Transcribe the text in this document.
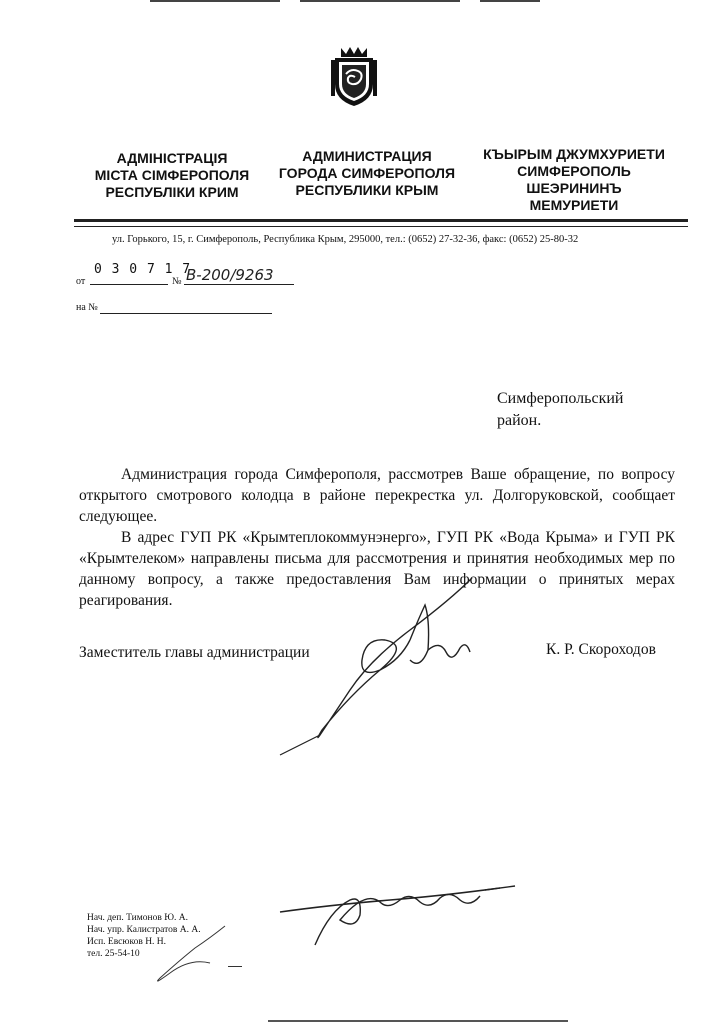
АДМІНІСТРАЦІЯ
МІСТА СІМФЕРОПОЛЯ
РЕСПУБЛІКИ КРИМ
АДМИНИСТРАЦИЯ
ГОРОДА СИМФЕРОПОЛЯ
РЕСПУБЛИКИ КРЫМ
КЪЫРЫМ ДЖУМХУРИЕТИ
СИМФЕРОПОЛЬ
ШЕЭРИНИНЪ
МЕМУРИЕТИ
ул. Горького, 15, г. Симферополь, Республика Крым, 295000, тел.: (0652) 27-32-36, факс: (0652) 25-80-32
от
0 3 0 7 1 7
№ В-200/9263
на №
Симферопольский
район.
Администрация города Симферополя, рассмотрев Ваше обращение, по вопросу открытого смотрового колодца в районе перекрестка ул. Долгоруковской, сообщает следующее.
В адрес ГУП РК «Крымтеплокоммунэнерго», ГУП РК «Вода Крыма» и ГУП РК «Крымтелеком» направлены письма для рассмотрения и принятия необходимых мер по данному вопросу, а также предоставления Вам информации о принятых мерах реагирования.
Заместитель главы администрации	К. Р. Скороходов
Нач. деп. Тимонов Ю. А.
Нач. упр. Калистратов А. А.
Исп. Евсюков Н. Н.
тел. 25-54-10
